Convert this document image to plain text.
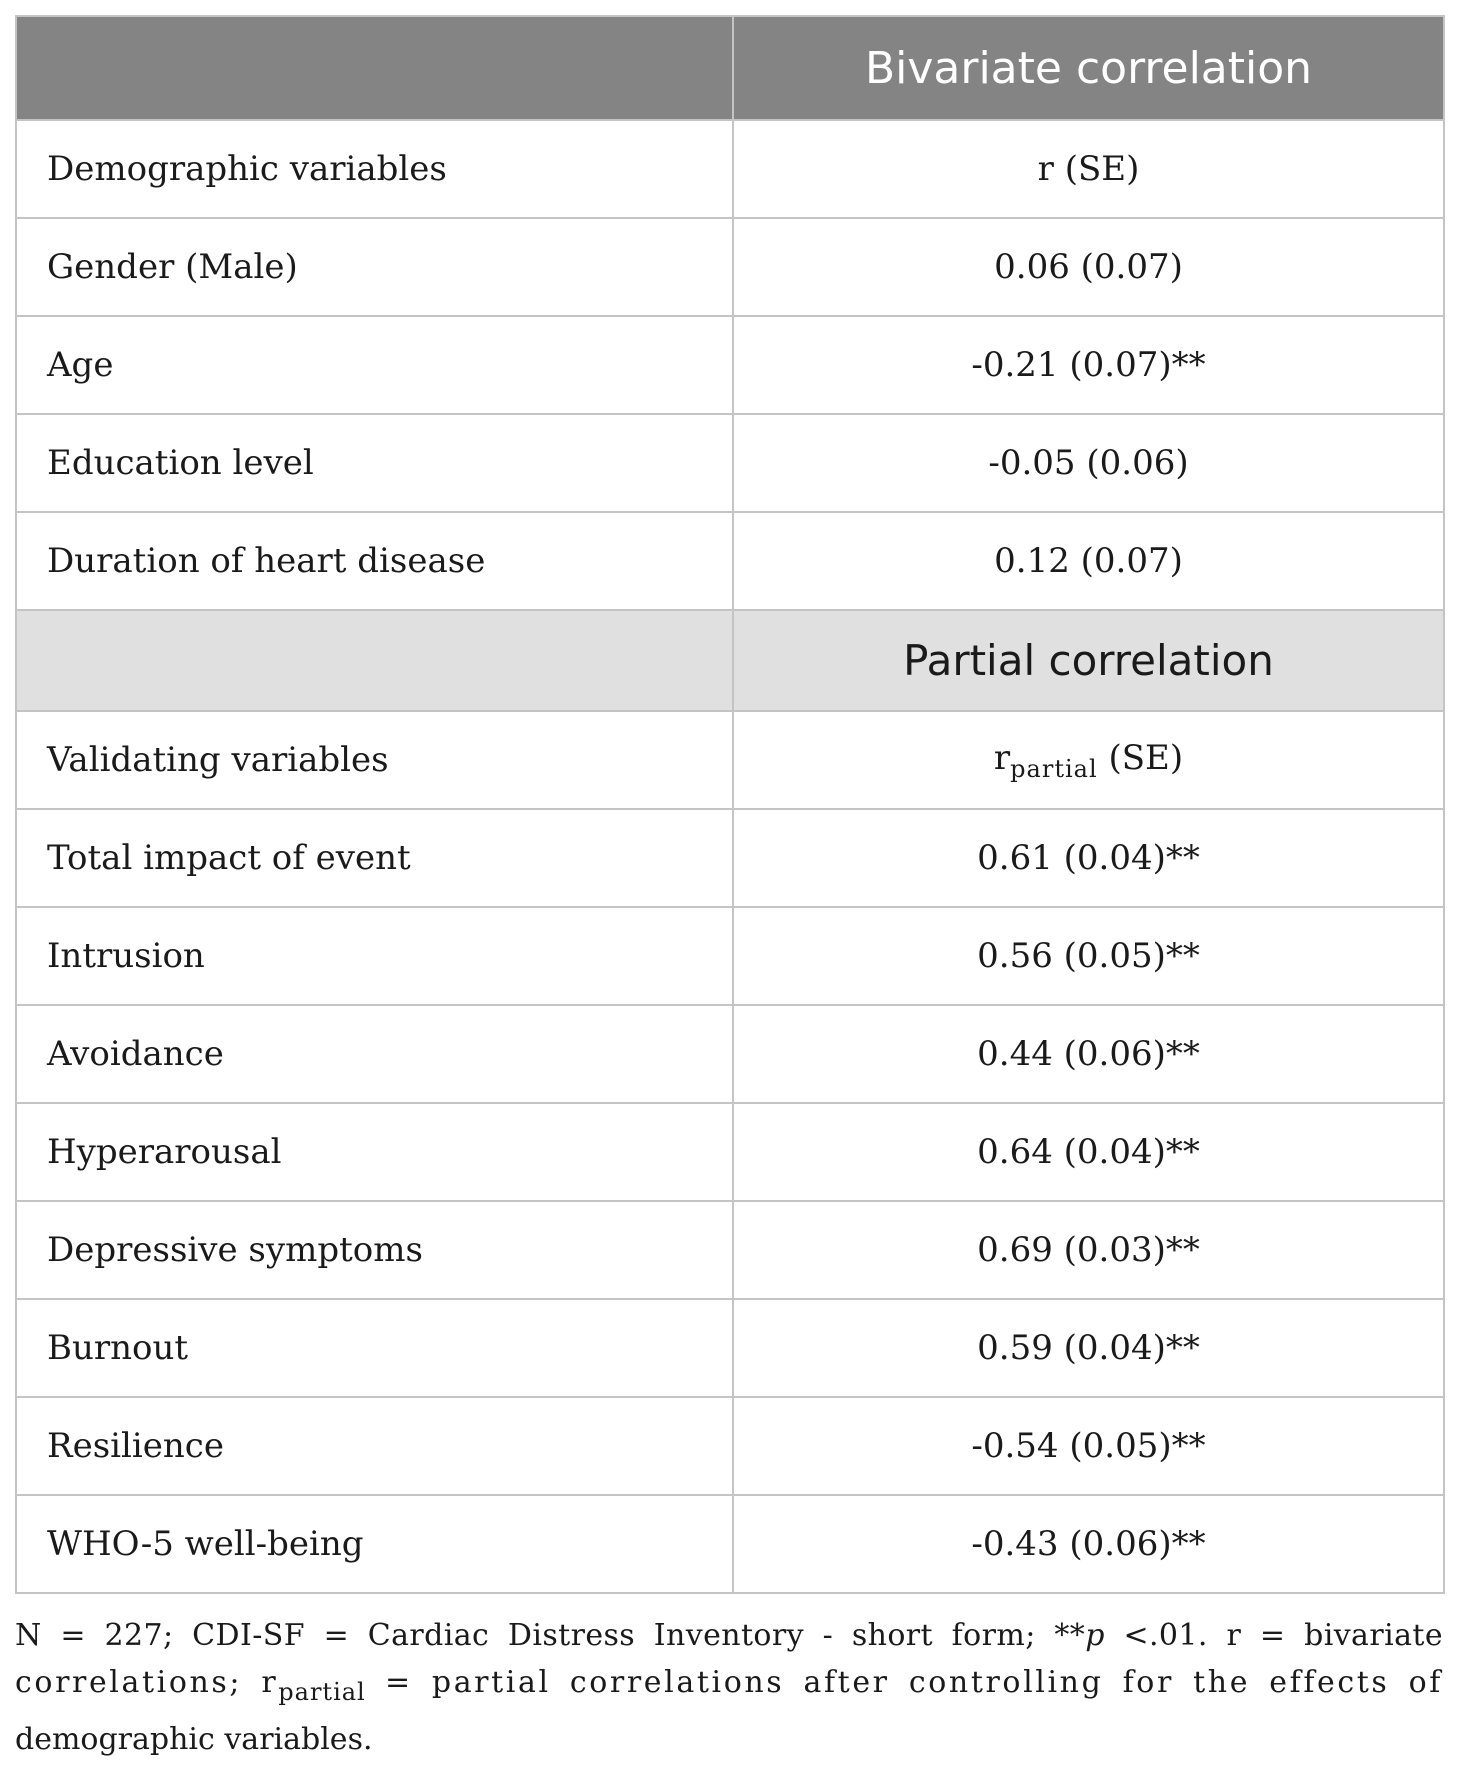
	Bivariate correlation
Demographic variables	r (SE)
Gender (Male)	0.06 (0.07)
Age	-0.21 (0.07)**
Education level	-0.05 (0.06)
Duration of heart disease	0.12 (0.07)
	Partial correlation
Validating variables	$r_{partial}$ (SE)
Total impact of event	0.61 (0.04)**
Intrusion	0.56 (0.05)**
Avoidance	0.44 (0.06)**
Hyperarousal	0.64 (0.04)**
Depressive symptoms	0.69 (0.03)**
Burnout	0.59 (0.04)**
Resilience	-0.54 (0.05)**
WHO-5 well-being	-0.43 (0.06)**
N = 227; CDI-SF = Cardiac Distress Inventory - short form; **p <.01. r = bivariate
correlations; $r_{partial}$ = partial correlations after controlling for the effects of
demographic variables.
